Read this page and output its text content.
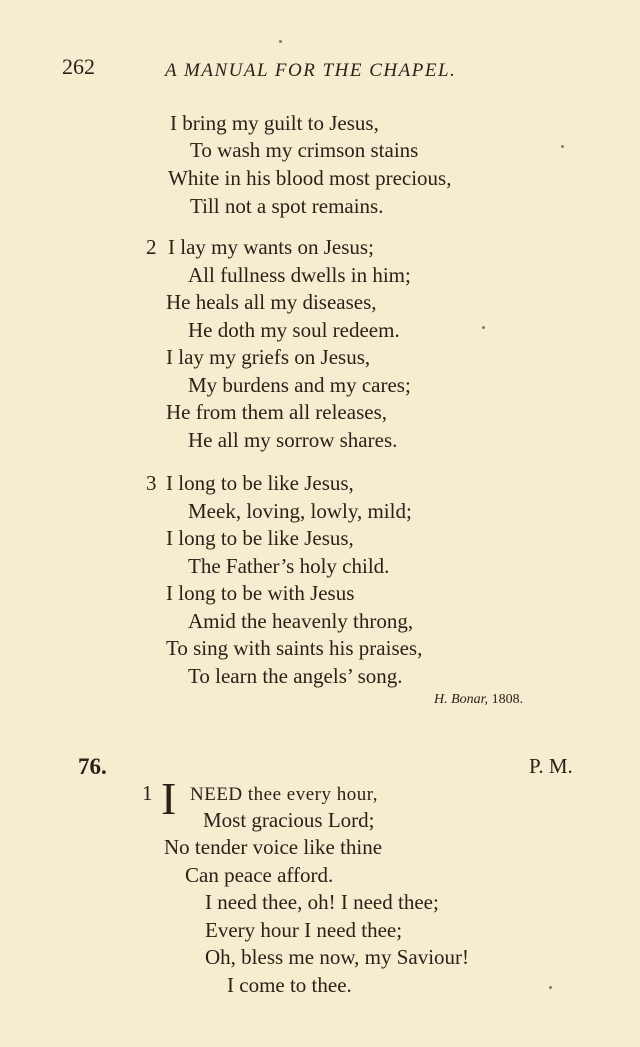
262	A MANUAL FOR THE CHAPEL.
I bring my guilt to Jesus,
To wash my crimson stains
White in his blood most precious,
Till not a spot remains.
2 I lay my wants on Jesus;
All fullness dwells in him;
He heals all my diseases,
He doth my soul redeem.
I lay my griefs on Jesus,
My burdens and my cares;
He from them all releases,
He all my sorrow shares.
3 I long to be like Jesus,
Meek, loving, lowly, mild;
I long to be like Jesus,
The Father’s holy child.
I long to be with Jesus
Amid the heavenly throng,
To sing with saints his praises,
To learn the angels’ song.
H. Bonar, 1808.
76.	P. M.
1 I NEED thee every hour,
Most gracious Lord;
No tender voice like thine
Can peace afford.
I need thee, oh! I need thee;
Every hour I need thee;
Oh, bless me now, my Saviour!
I come to thee.
